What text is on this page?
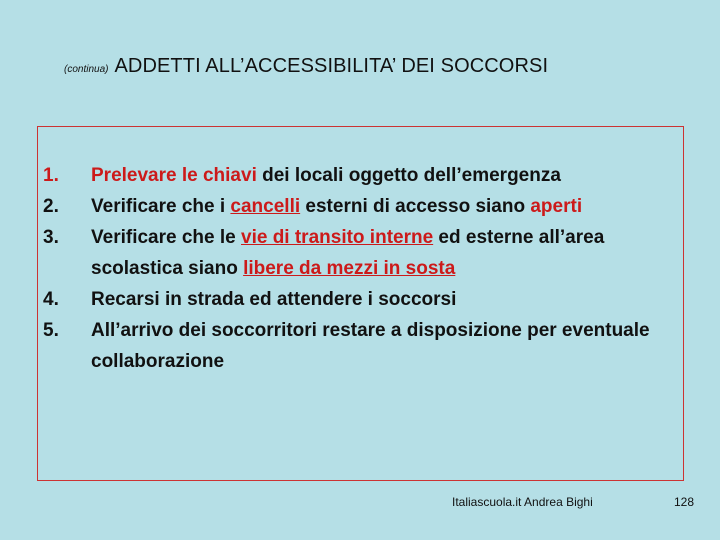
(continua) ADDETTI ALL’ACCESSIBILITA’ DEI SOCCORSI
1.	Prelevare le chiavi dei locali oggetto dell’emergenza
2.	Verificare che i cancelli esterni di accesso siano aperti
3.	Verificare che le vie di transito interne ed esterne all’area scolastica siano libere da mezzi in sosta
4.	Recarsi in strada ed attendere i soccorsi
5.	All’arrivo dei soccorritori restare a disposizione per eventuale collaborazione
Italiascuola.it Andrea Bighi	128
